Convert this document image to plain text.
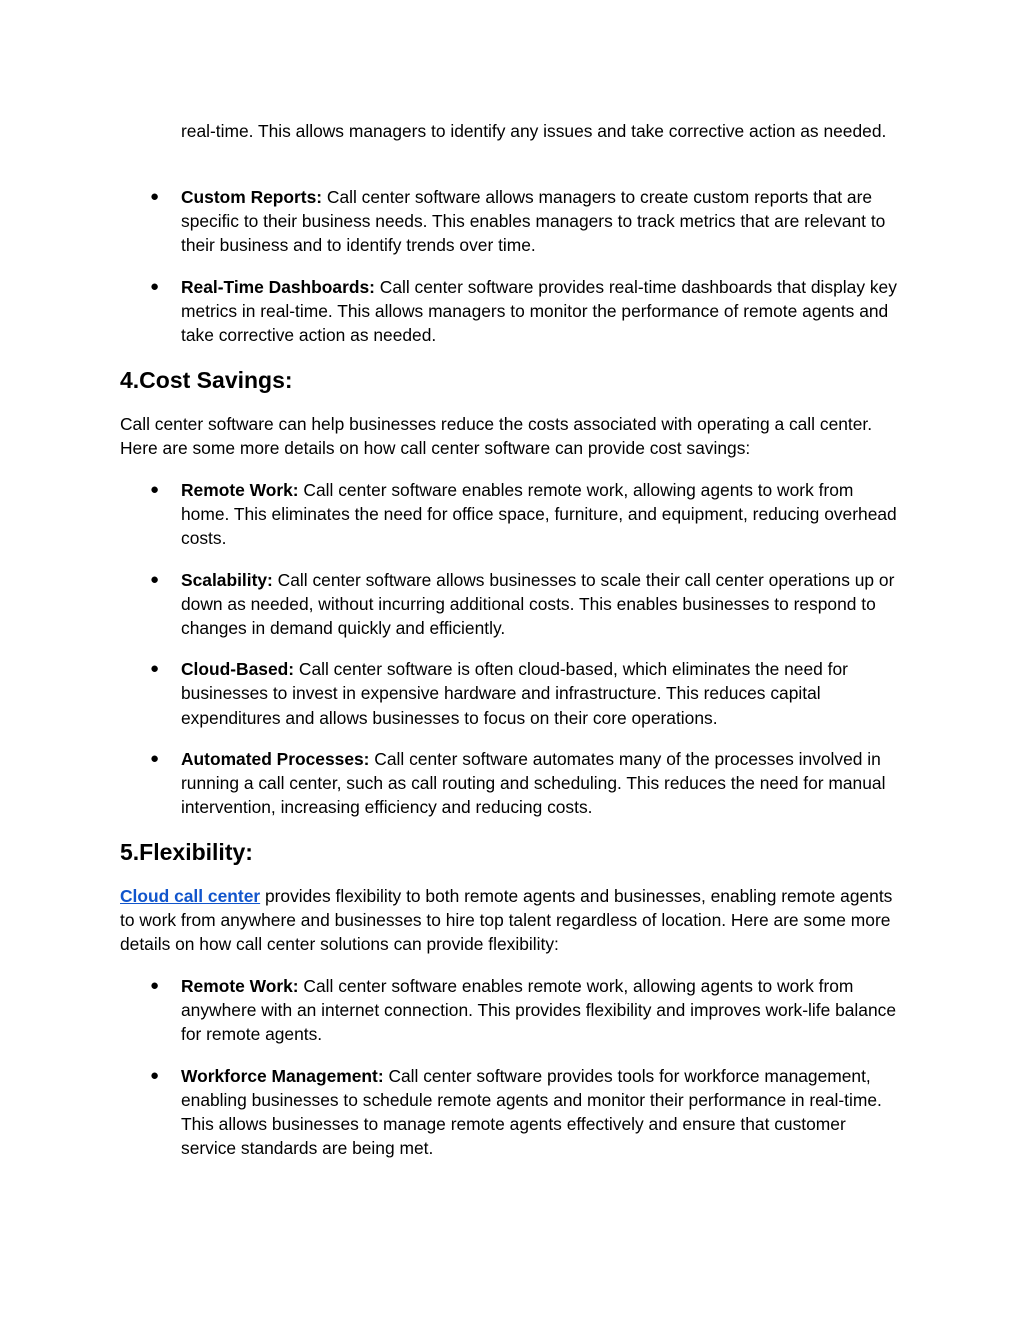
real-time. This allows managers to identify any issues and take corrective action as needed.
● Custom Reports: Call center software allows managers to create custom reports that are specific to their business needs. This enables managers to track metrics that are relevant to their business and to identify trends over time.
● Real-Time Dashboards: Call center software provides real-time dashboards that display key metrics in real-time. This allows managers to monitor the performance of remote agents and take corrective action as needed.
4.Cost Savings:
Call center software can help businesses reduce the costs associated with operating a call center. Here are some more details on how call center software can provide cost savings:
● Remote Work: Call center software enables remote work, allowing agents to work from home. This eliminates the need for office space, furniture, and equipment, reducing overhead costs.
● Scalability: Call center software allows businesses to scale their call center operations up or down as needed, without incurring additional costs. This enables businesses to respond to changes in demand quickly and efficiently.
● Cloud-Based: Call center software is often cloud-based, which eliminates the need for businesses to invest in expensive hardware and infrastructure. This reduces capital expenditures and allows businesses to focus on their core operations.
● Automated Processes: Call center software automates many of the processes involved in running a call center, such as call routing and scheduling. This reduces the need for manual intervention, increasing efficiency and reducing costs.
5.Flexibility:
Cloud call center provides flexibility to both remote agents and businesses, enabling remote agents to work from anywhere and businesses to hire top talent regardless of location. Here are some more details on how call center solutions can provide flexibility:
● Remote Work: Call center software enables remote work, allowing agents to work from anywhere with an internet connection. This provides flexibility and improves work-life balance for remote agents.
● Workforce Management: Call center software provides tools for workforce management, enabling businesses to schedule remote agents and monitor their performance in real-time. This allows businesses to manage remote agents effectively and ensure that customer service standards are being met.
